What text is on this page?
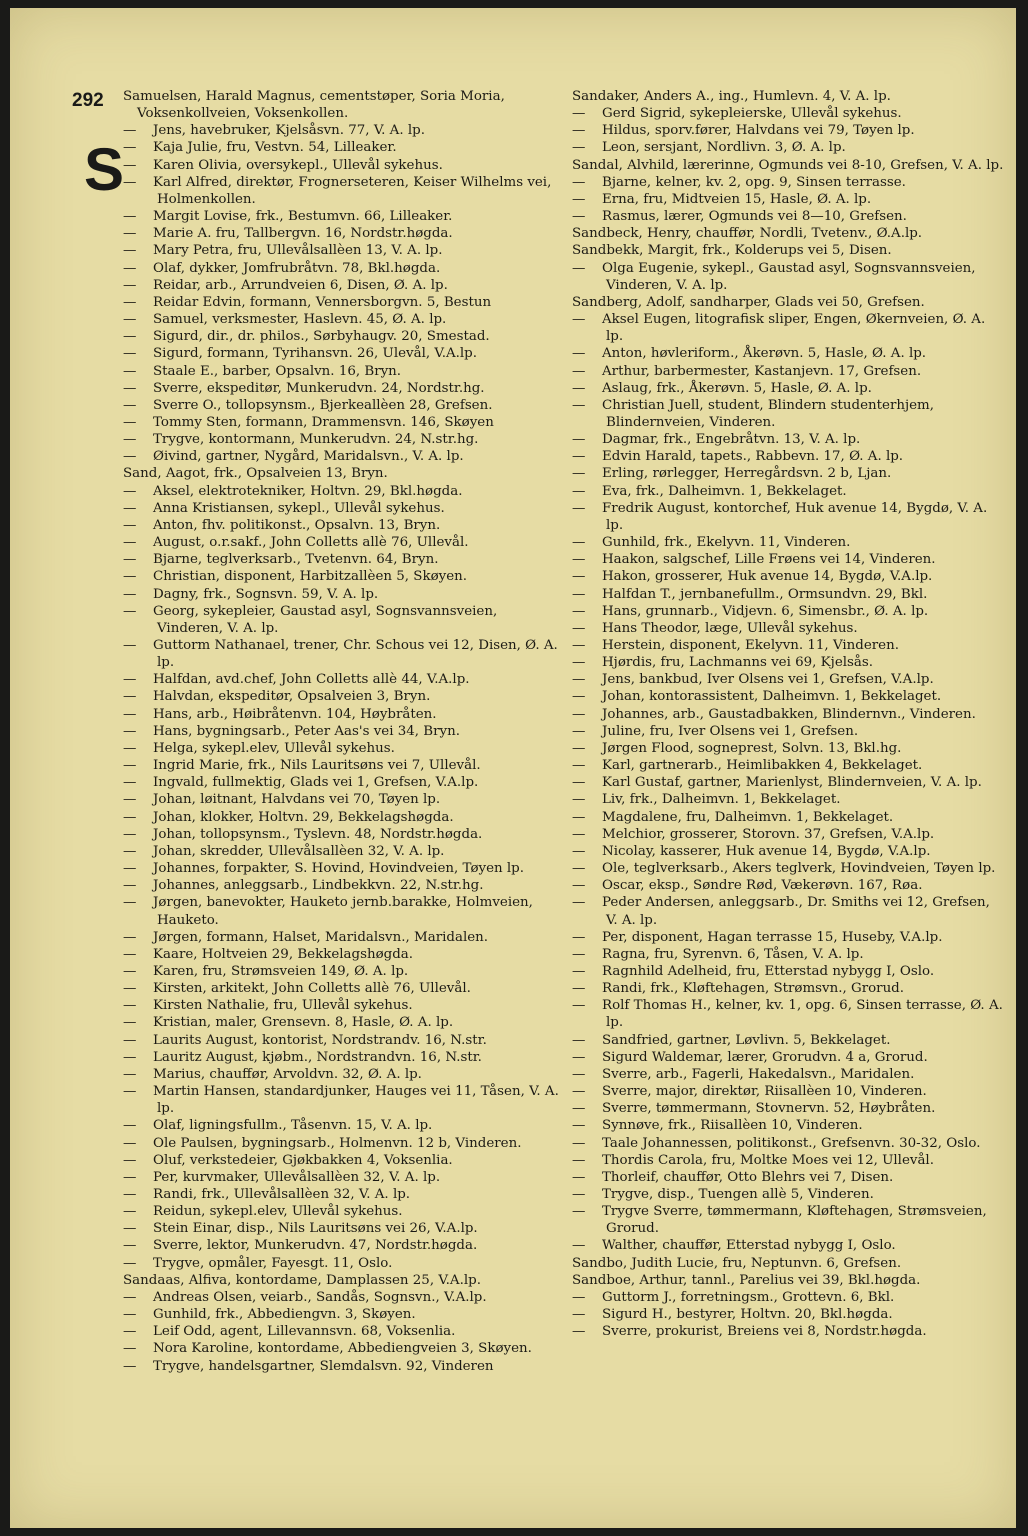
292
S
Samuelsen, Harald Magnus, cementstøper, Soria Moria, Voksenkollveien, Voksenkollen.
— Jens, havebruker, Kjelsåsvn. 77, V. A. lp.
— Kaja Julie, fru, Vestvn. 54, Lilleaker.
— Karen Olivia, oversykepl., Ullevål sykehus.
— Karl Alfred, direktør, Frognerseteren, Keiser Wilhelms vei, Holmenkollen.
— Margit Lovise, frk., Bestumvn. 66, Lilleaker.
— Marie A. fru, Tallbergvn. 16, Nordstr.høgda.
— Mary Petra, fru, Ullevålsallèen 13, V. A. lp.
— Olaf, dykker, Jomfrubråtvn. 78, Bkl.høgda.
— Reidar, arb., Arrundveien 6, Disen, Ø. A. lp.
— Reidar Edvin, formann, Vennersborgvn. 5, Bestun
— Samuel, verksmester, Haslevn. 45, Ø. A. lp.
— Sigurd, dir., dr. philos., Sørbyhaugv. 20, Smestad.
— Sigurd, formann, Tyrihansvn. 26, Ulevål, V.A.lp.
— Staale E., barber, Opsalvn. 16, Bryn.
— Sverre, ekspeditør, Munkerudvn. 24, Nordstr.hg.
— Sverre O., tollopsynsm., Bjerkeallèen 28, Grefsen.
— Tommy Sten, formann, Drammensvn. 146, Skøyen
— Trygve, kontormann, Munkerudvn. 24, N.str.hg.
— Øivind, gartner, Nygård, Maridalsvn., V. A. lp.
Sand, Aagot, frk., Opsalveien 13, Bryn.
— Aksel, elektrotekniker, Holtvn. 29, Bkl.høgda.
— Anna Kristiansen, sykepl., Ullevål sykehus.
— Anton, fhv. politikonst., Opsalvn. 13, Bryn.
— August, o.r.sakf., John Colletts allè 76, Ullevål.
— Bjarne, teglverksarb., Tvetenvn. 64, Bryn.
— Christian, disponent, Harbitzallèen 5, Skøyen.
— Dagny, frk., Sognsvn. 59, V. A. lp.
— Georg, sykepleier, Gaustad asyl, Sognsvannsveien, Vinderen, V. A. lp.
— Guttorm Nathanael, trener, Chr. Schous vei 12, Disen, Ø. A. lp.
— Halfdan, avd.chef, John Colletts allè 44, V.A.lp.
— Halvdan, ekspeditør, Opsalveien 3, Bryn.
— Hans, arb., Høibråtenvn. 104, Høybråten.
— Hans, bygningsarb., Peter Aas's vei 34, Bryn.
— Helga, sykepl.elev, Ullevål sykehus.
— Ingrid Marie, frk., Nils Lauritsøns vei 7, Ullevål.
— Ingvald, fullmektig, Glads vei 1, Grefsen, V.A.lp.
— Johan, løitnant, Halvdans vei 70, Tøyen lp.
— Johan, klokker, Holtvn. 29, Bekkelagshøgda.
— Johan, tollopsynsm., Tyslevn. 48, Nordstr.høgda.
— Johan, skredder, Ullevålsallèen 32, V. A. lp.
— Johannes, forpakter, S. Hovind, Hovindveien, Tøyen lp.
— Johannes, anleggsarb., Lindbekkvn. 22, N.str.hg.
— Jørgen, banevokter, Hauketo jernb.barakke, Holmveien, Hauketo.
— Jørgen, formann, Halset, Maridalsvn., Maridalen.
— Kaare, Holtveien 29, Bekkelagshøgda.
— Karen, fru, Strømsveien 149, Ø. A. lp.
— Kirsten, arkitekt, John Colletts allè 76, Ullevål.
— Kirsten Nathalie, fru, Ullevål sykehus.
— Kristian, maler, Grensevn. 8, Hasle, Ø. A. lp.
— Laurits August, kontorist, Nordstrandv. 16, N.str.
— Lauritz August, kjøbm., Nordstrandvn. 16, N.str.
— Marius, chauffør, Arvoldvn. 32, Ø. A. lp.
— Martin Hansen, standardjunker, Hauges vei 11, Tåsen, V. A. lp.
— Olaf, ligningsfullm., Tåsenvn. 15, V. A. lp.
— Ole Paulsen, bygningsarb., Holmenvn. 12 b, Vinderen.
— Oluf, verkstedeier, Gjøkbakken 4, Voksenlia.
— Per, kurvmaker, Ullevålsallèen 32, V. A. lp.
— Randi, frk., Ullevålsallèen 32, V. A. lp.
— Reidun, sykepl.elev, Ullevål sykehus.
— Stein Einar, disp., Nils Lauritsøns vei 26, V.A.lp.
— Sverre, lektor, Munkerudvn. 47, Nordstr.høgda.
— Trygve, opmåler, Fayesgt. 11, Oslo.
Sandaas, Alfiva, kontordame, Damplassen 25, V.A.lp.
— Andreas Olsen, veiarb., Sandås, Sognsvn., V.A.lp.
— Gunhild, frk., Abbediengvn. 3, Skøyen.
— Leif Odd, agent, Lillevannsvn. 68, Voksenlia.
— Nora Karoline, kontordame, Abbediengveien 3, Skøyen.
— Trygve, handelsgartner, Slemdalsvn. 92, Vinderen
Sandaker, Anders A., ing., Humlevn. 4, V. A. lp.
— Gerd Sigrid, sykepleierske, Ullevål sykehus.
— Hildus, sporv.fører, Halvdans vei 79, Tøyen lp.
— Leon, sersjant, Nordlivn. 3, Ø. A. lp.
Sandal, Alvhild, lærerinne, Ogmunds vei 8-10, Grefsen, V. A. lp.
— Bjarne, kelner, kv. 2, opg. 9, Sinsen terrasse.
— Erna, fru, Midtveien 15, Hasle, Ø. A. lp.
— Rasmus, lærer, Ogmunds vei 8—10, Grefsen.
Sandbeck, Henry, chauffør, Nordli, Tvetenv., Ø.A.lp.
Sandbekk, Margit, frk., Kolderups vei 5, Disen.
— Olga Eugenie, sykepl., Gaustad asyl, Sognsvannsveien, Vinderen, V. A. lp.
Sandberg, Adolf, sandharper, Glads vei 50, Grefsen.
— Aksel Eugen, litografisk sliper, Engen, Økernveien, Ø. A. lp.
— Anton, høvleriform., Åkerøvn. 5, Hasle, Ø. A. lp.
— Arthur, barbermester, Kastanjevn. 17, Grefsen.
— Aslaug, frk., Åkerøvn. 5, Hasle, Ø. A. lp.
— Christian Juell, student, Blindern studenterhjem, Blindernveien, Vinderen.
— Dagmar, frk., Engebråtvn. 13, V. A. lp.
— Edvin Harald, tapets., Rabbevn. 17, Ø. A. lp.
— Erling, rørlegger, Herregårdsvn. 2 b, Ljan.
— Eva, frk., Dalheimvn. 1, Bekkelaget.
— Fredrik August, kontorchef, Huk avenue 14, Bygdø, V. A. lp.
— Gunhild, frk., Ekelyvn. 11, Vinderen.
— Haakon, salgschef, Lille Frøens vei 14, Vinderen.
— Hakon, grosserer, Huk avenue 14, Bygdø, V.A.lp.
— Halfdan T., jernbanefullm., Ormsundvn. 29, Bkl.
— Hans, grunnarb., Vidjevn. 6, Simensbr., Ø. A. lp.
— Hans Theodor, læge, Ullevål sykehus.
— Herstein, disponent, Ekelyvn. 11, Vinderen.
— Hjørdis, fru, Lachmanns vei 69, Kjelsås.
— Jens, bankbud, Iver Olsens vei 1, Grefsen, V.A.lp.
— Johan, kontorassistent, Dalheimvn. 1, Bekkelaget.
— Johannes, arb., Gaustadbakken, Blindernvn., Vinderen.
— Juline, fru, Iver Olsens vei 1, Grefsen.
— Jørgen Flood, sogneprest, Solvn. 13, Bkl.hg.
— Karl, gartnerarb., Heimlibakken 4, Bekkelaget.
— Karl Gustaf, gartner, Marienlyst, Blindernveien, V. A. lp.
— Liv, frk., Dalheimvn. 1, Bekkelaget.
— Magdalene, fru, Dalheimvn. 1, Bekkelaget.
— Melchior, grosserer, Storovn. 37, Grefsen, V.A.lp.
— Nicolay, kasserer, Huk avenue 14, Bygdø, V.A.lp.
— Ole, teglverksarb., Akers teglverk, Hovindveien, Tøyen lp.
— Oscar, eksp., Søndre Rød, Vækerøvn. 167, Røa.
— Peder Andersen, anleggsarb., Dr. Smiths vei 12, Grefsen, V. A. lp.
— Per, disponent, Hagan terrasse 15, Huseby, V.A.lp.
— Ragna, fru, Syrenvn. 6, Tåsen, V. A. lp.
— Ragnhild Adelheid, fru, Etterstad nybygg I, Oslo.
— Randi, frk., Kløftehagen, Strømsvn., Grorud.
— Rolf Thomas H., kelner, kv. 1, opg. 6, Sinsen terrasse, Ø. A. lp.
— Sandfried, gartner, Løvlivn. 5, Bekkelaget.
— Sigurd Waldemar, lærer, Grorudvn. 4 a, Grorud.
— Sverre, arb., Fagerli, Hakedalsvn., Maridalen.
— Sverre, major, direktør, Riisallèen 10, Vinderen.
— Sverre, tømmermann, Stovnervn. 52, Høybråten.
— Synnøve, frk., Riisallèen 10, Vinderen.
— Taale Johannessen, politikonst., Grefsenvn. 30-32, Oslo.
— Thordis Carola, fru, Moltke Moes vei 12, Ullevål.
— Thorleif, chauffør, Otto Blehrs vei 7, Disen.
— Trygve, disp., Tuengen allè 5, Vinderen.
— Trygve Sverre, tømmermann, Kløftehagen, Strømsveien, Grorud.
— Walther, chauffør, Etterstad nybygg I, Oslo.
Sandbo, Judith Lucie, fru, Neptunvn. 6, Grefsen.
Sandboe, Arthur, tannl., Parelius vei 39, Bkl.høgda.
— Guttorm J., forretningsm., Grottevn. 6, Bkl.
— Sigurd H., bestyrer, Holtvn. 20, Bkl.høgda.
— Sverre, prokurist, Breiens vei 8, Nordstr.høgda.
